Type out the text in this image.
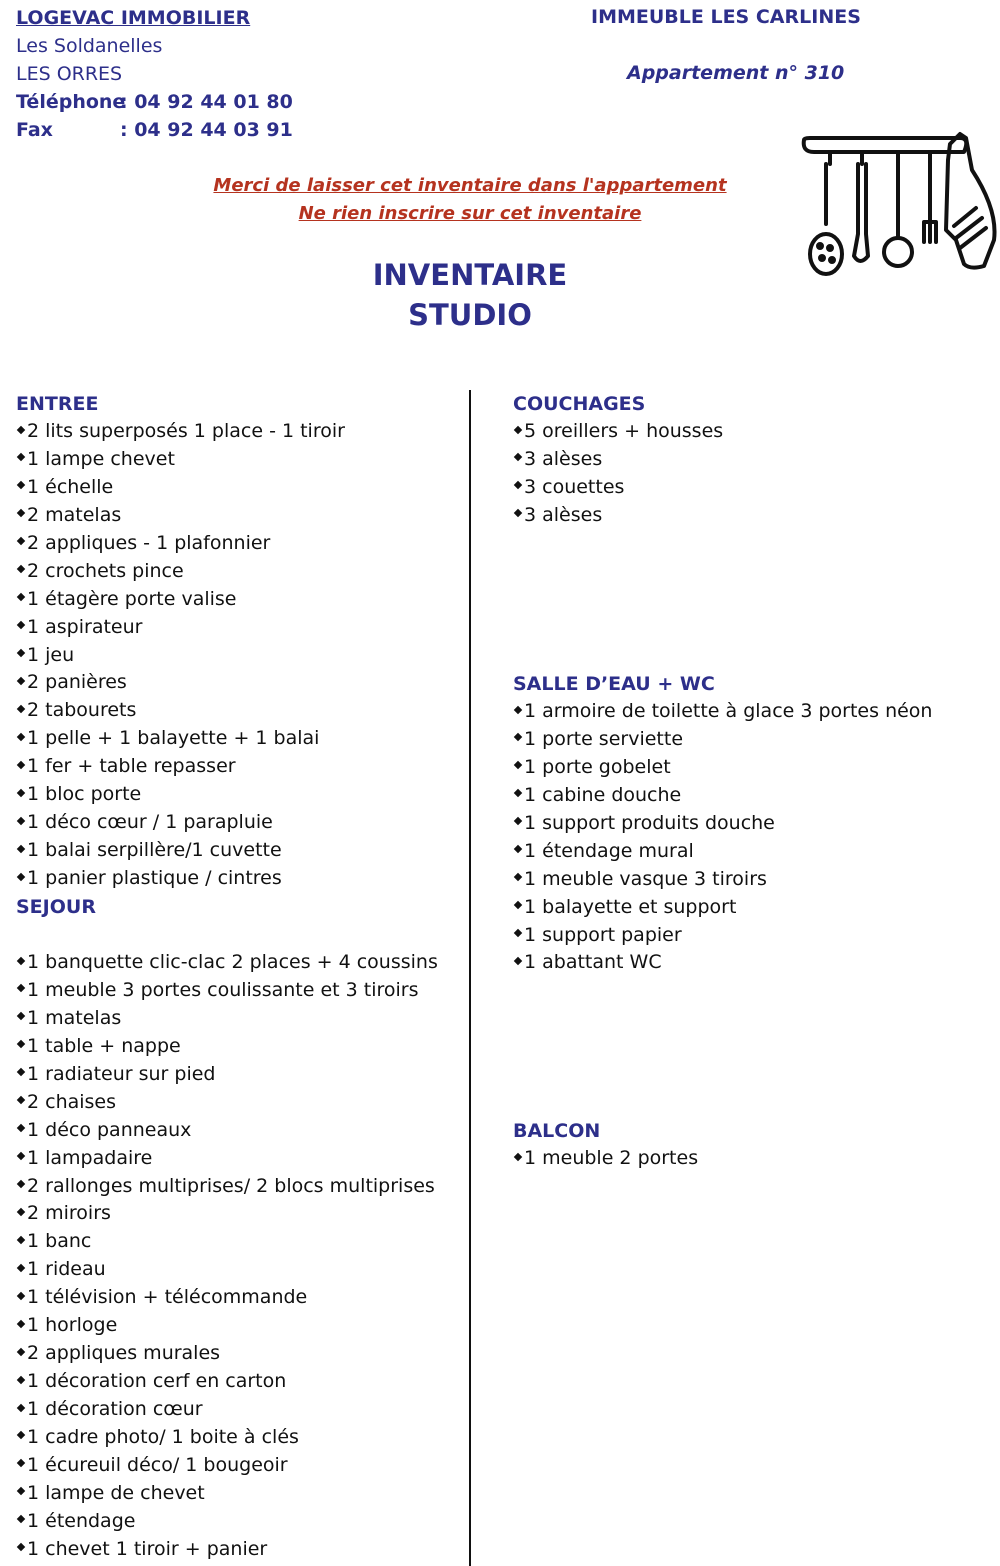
LOGEVAC IMMOBILIER
Les Soldanelles
LES ORRES
Téléphone: 04 92 44 01 80
Fax	: 04 92 44 03 91
IMMEUBLE LES CARLINES
Appartement n° 310
Merci de laisser cet inventaire dans l'appartement
Ne rien inscrire sur cet inventaire
INVENTAIRE
STUDIO
ENTREE
2 lits superposés 1 place - 1 tiroir
1 lampe chevet
1 échelle
2 matelas
2 appliques - 1 plafonnier
2 crochets pince
1 étagère porte valise
1 aspirateur
1 jeu
2 panières
2 tabourets
1 pelle + 1 balayette + 1 balai
1 fer + table repasser
1 bloc porte
1 déco cœur / 1 parapluie
1 balai serpillère/1 cuvette
1 panier plastique / cintres
SEJOUR
1 banquette clic-clac 2 places + 4 coussins
1 meuble 3 portes coulissante et 3 tiroirs
1 matelas
1 table + nappe
1 radiateur sur pied
2 chaises
1 déco panneaux
1 lampadaire
2 rallonges multiprises/ 2 blocs multiprises
2 miroirs
1 banc
1 rideau
1 télévision + télécommande
1 horloge
2 appliques murales
1 décoration cerf en carton
1 décoration cœur
1 cadre photo/ 1 boite à clés
1 écureuil déco/ 1 bougeoir
1 lampe de chevet
1 étendage
1 chevet 1 tiroir + panier
COUCHAGES
5 oreillers + housses
3 alèses
3 couettes
3 alèses
SALLE D’EAU + WC
1 armoire de toilette à glace 3 portes néon
1 porte serviette
1 porte gobelet
1 cabine douche
1 support produits douche
1 étendage mural
1 meuble vasque 3 tiroirs
1 balayette et support
1 support papier
1 abattant WC
BALCON
1 meuble 2 portes
